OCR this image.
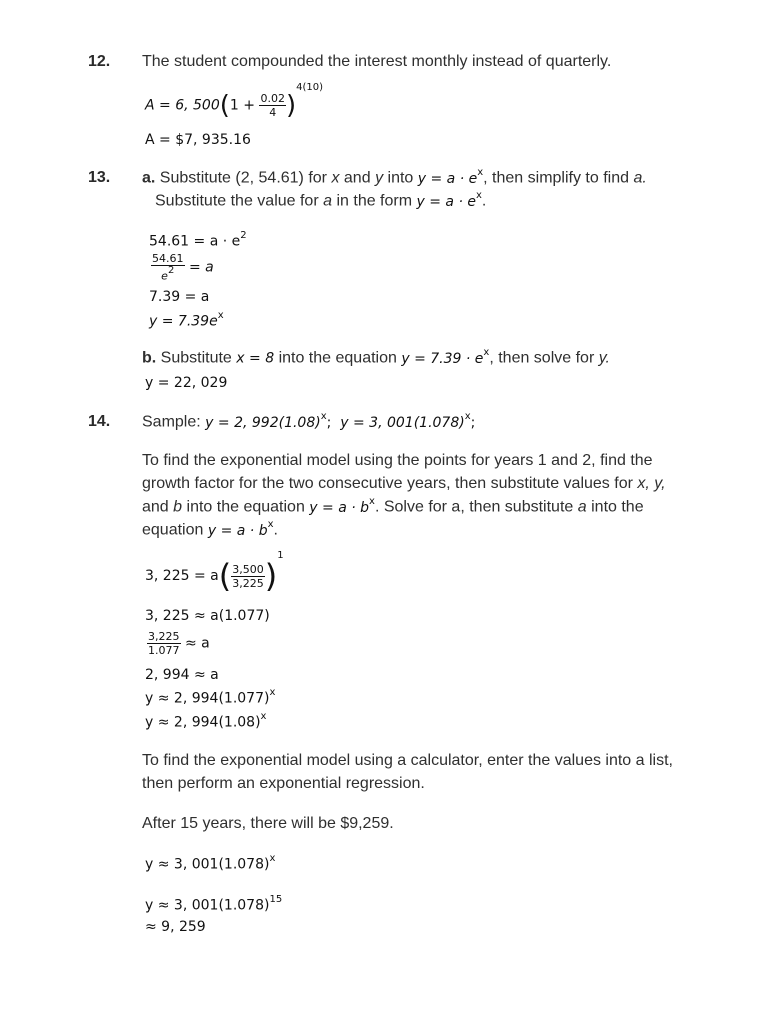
12. The student compounded the interest monthly instead of quarterly.
A = 6, $500(1 + \frac{0.02}{4} )^{4(10)}$
A = $7, 935.16
13. a. Substitute (2, 54.61) for x and y into $y = a \cdot e^x$, then simplify to find a.
Substitute the value for a in the form $y = a \cdot e^x$.
$54.61 = a \cdot e^2$
$\frac{54.61}{e^2} = a$
7.39 = a
$y = 7.39e^x$
b. Substitute x = 8 into the equation $y = 7.39 \cdot e^x$, then solve for y.
y = 22, 029
14. Sample: y = 2, $992(1.08)^x$;  y = 3, $001(1.078)^x$;
To find the exponential model using the points for years 1 and 2, find the
growth factor for the two consecutive years, then substitute values for x, y,
and b into the equation $y = a \cdot b^x$. Solve for a, then substitute a into the
equation $y = a \cdot b^x$.
3, $225 = a( \frac{3,500}{3,225} )^1$
3, 225 ≈ a(1.077)
$\frac{3,225}{1.077} \approx a$
2, 994 ≈ a
y ≈ 2, $994(1.077)^x$
y ≈ 2, $994(1.08)^x$
To find the exponential model using a calculator, enter the values into a list,
then perform an exponential regression.
After 15 years, there will be $9,259.
y ≈ 3, $001(1.078)^x$
y ≈ 3, $001(1.078)^{15}$
≈ 9, 259
